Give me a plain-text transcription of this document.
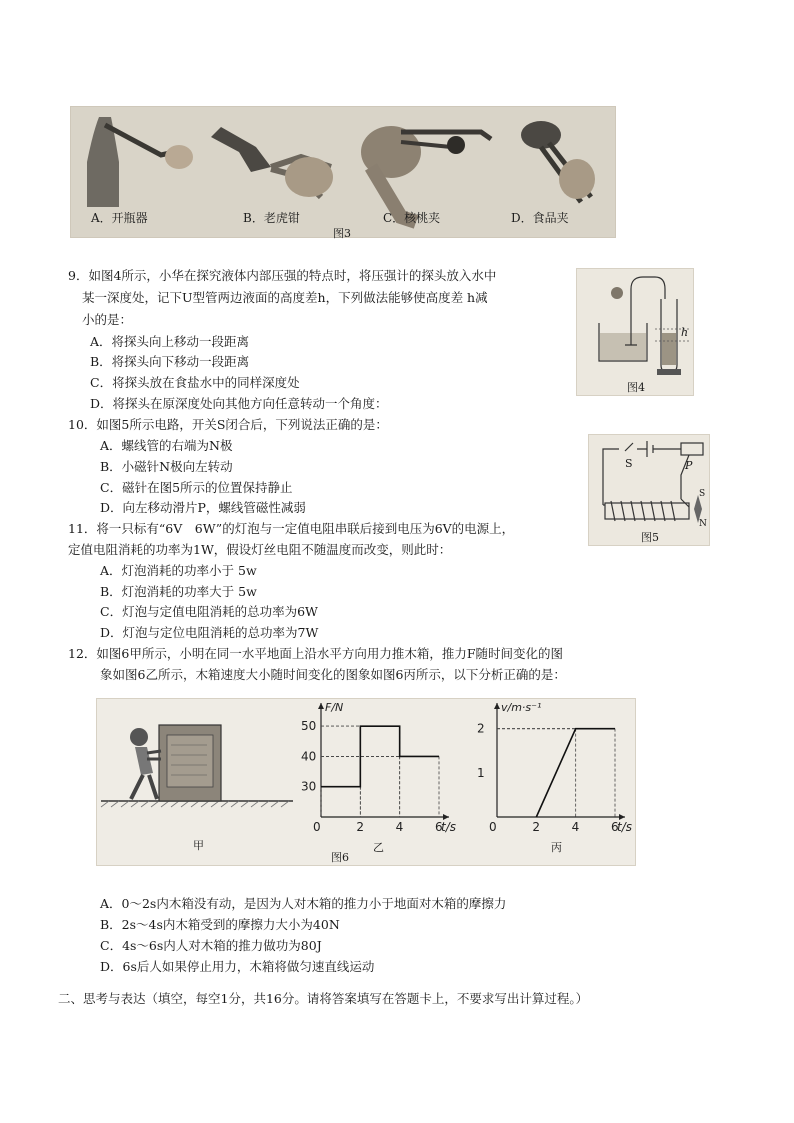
A．开瓶器	B．老虎钳	C．核桃夹	D．食品夹
图3
9．如图4所示，小华在探究液体内部压强的特点时，将压强计的探头放入水中
某一深度处，记下U型管两边液面的高度差h，下列做法能够使高度差 h减
小的是：
A．将探头向上移动一段距离
B．将探头向下移动一段距离
C．将探头放在食盐水中的同样深度处
D．将探头在原深度处向其他方向任意转动一个角度：
h
图4
10．如图5所示电路，开关S闭合后，下列说法正确的是：
A．螺线管的右端为N极
B．小磁针N极向左转动
C．磁针在图5所示的位置保持静止
D．向左移动滑片P，螺线管磁性减弱
S	P
S
N
图5
11．将一只标有“6V　6W”的灯泡与一定值电阻串联后接到电压为6V的电源上，
定值电阻消耗的功率为1W，假设灯丝电阻不随温度而改变，则此时：
A．灯泡消耗的功率小于 5w
B．灯泡消耗的功率大于 5w
C．灯泡与定值电阻消耗的总功率为6W
D．灯泡与定位电阻消耗的总功率为7W
12．如图6甲所示，小明在同一水平地面上沿水平方向用力推木箱，推力F随时间变化的图
象如图6乙所示，木箱速度大小随时间变化的图象如图6丙所示，以下分析正确的是：
0	2	4	6
30
40
50
t/s
F/N
0	2	4	6
1
2
t/s
v/m·s⁻¹
甲	乙	丙
图6
A．0～2s内木箱没有动，是因为人对木箱的推力小于地面对木箱的摩擦力
B．2s～4s内木箱受到的摩擦力大小为40N
C．4s～6s内人对木箱的推力做功为80J
D．6s后人如果停止用力，木箱将做匀速直线运动
二、思考与表达（填空，每空1分，共16分。请将答案填写在答题卡上，不要求写出计算过程。）
